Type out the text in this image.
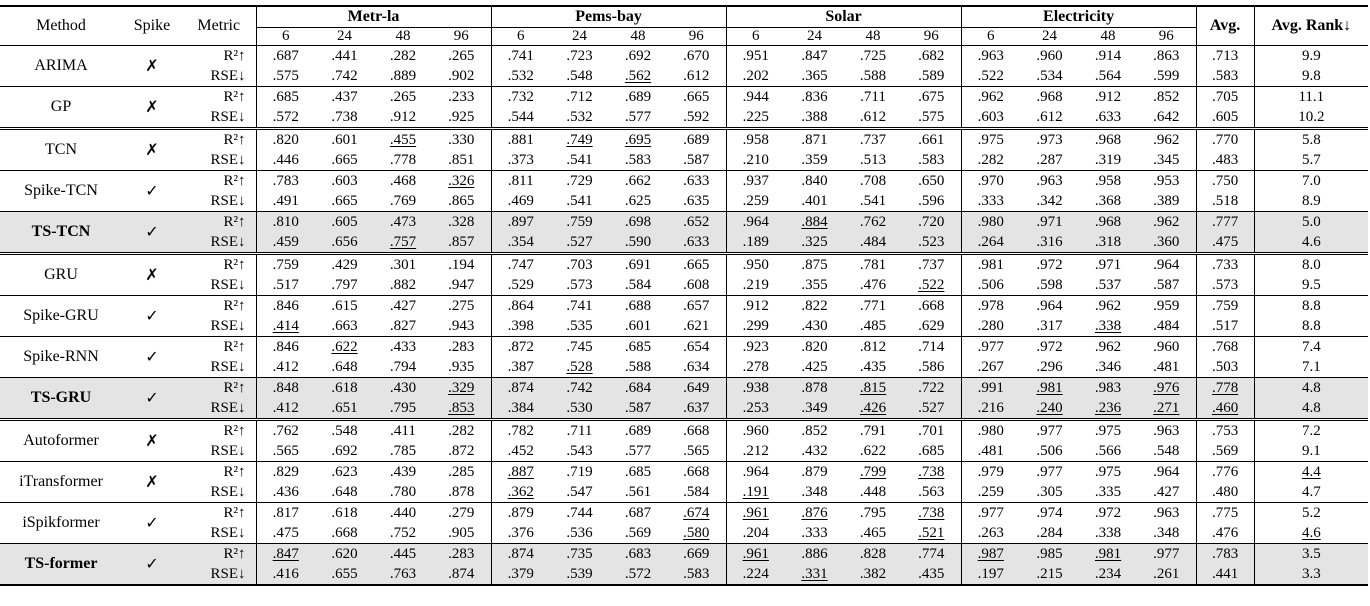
Method	Spike	Metric	Metr-la				Pems-bay				Solar				Electricity				Avg.	Avg. Rank↓
			6	24	48	96	6	24	48	96	6	24	48	96	6	24	48	96		
ARIMA	✗	R²↑	.687	.441	.282	.265	.741	.723	.692	.670	.951	.847	.725	.682	.963	.960	.914	.863	.713	9.9
		RSE↓	.575	.742	.889	.902	.532	.548	.562	.612	.202	.365	.588	.589	.522	.534	.564	.599	.583	9.8
GP	✗	R²↑	.685	.437	.265	.233	.732	.712	.689	.665	.944	.836	.711	.675	.962	.968	.912	.852	.705	11.1
		RSE↓	.572	.738	.912	.925	.544	.532	.577	.592	.225	.388	.612	.575	.603	.612	.633	.642	.605	10.2
TCN	✗	R²↑	.820	.601	.455	.330	.881	.749	.695	.689	.958	.871	.737	.661	.975	.973	.968	.962	.770	5.8
		RSE↓	.446	.665	.778	.851	.373	.541	.583	.587	.210	.359	.513	.583	.282	.287	.319	.345	.483	5.7
Spike-TCN	✓	R²↑	.783	.603	.468	.326	.811	.729	.662	.633	.937	.840	.708	.650	.970	.963	.958	.953	.750	7.0
		RSE↓	.491	.665	.769	.865	.469	.541	.625	.635	.259	.401	.541	.596	.333	.342	.368	.389	.518	8.9
TS-TCN	✓	R²↑	.810	.605	.473	.328	.897	.759	.698	.652	.964	.884	.762	.720	.980	.971	.968	.962	.777	5.0
		RSE↓	.459	.656	.757	.857	.354	.527	.590	.633	.189	.325	.484	.523	.264	.316	.318	.360	.475	4.6
GRU	✗	R²↑	.759	.429	.301	.194	.747	.703	.691	.665	.950	.875	.781	.737	.981	.972	.971	.964	.733	8.0
		RSE↓	.517	.797	.882	.947	.529	.573	.584	.608	.219	.355	.476	.522	.506	.598	.537	.587	.573	9.5
Spike-GRU	✓	R²↑	.846	.615	.427	.275	.864	.741	.688	.657	.912	.822	.771	.668	.978	.964	.962	.959	.759	8.8
		RSE↓	.414	.663	.827	.943	.398	.535	.601	.621	.299	.430	.485	.629	.280	.317	.338	.484	.517	8.8
Spike-RNN	✓	R²↑	.846	.622	.433	.283	.872	.745	.685	.654	.923	.820	.812	.714	.977	.972	.962	.960	.768	7.4
		RSE↓	.412	.648	.794	.935	.387	.528	.588	.634	.278	.425	.435	.586	.267	.296	.346	.481	.503	7.1
TS-GRU	✓	R²↑	.848	.618	.430	.329	.874	.742	.684	.649	.938	.878	.815	.722	.991	.981	.983	.976	.778	4.8
		RSE↓	.412	.651	.795	.853	.384	.530	.587	.637	.253	.349	.426	.527	.216	.240	.236	.271	.460	4.8
Autoformer	✗	R²↑	.762	.548	.411	.282	.782	.711	.689	.668	.960	.852	.791	.701	.980	.977	.975	.963	.753	7.2
		RSE↓	.565	.692	.785	.872	.452	.543	.577	.565	.212	.432	.622	.685	.481	.506	.566	.548	.569	9.1
iTransformer	✗	R²↑	.829	.623	.439	.285	.887	.719	.685	.668	.964	.879	.799	.738	.979	.977	.975	.964	.776	4.4
		RSE↓	.436	.648	.780	.878	.362	.547	.561	.584	.191	.348	.448	.563	.259	.305	.335	.427	.480	4.7
iSpikformer	✓	R²↑	.817	.618	.440	.279	.879	.744	.687	.674	.961	.876	.795	.738	.977	.974	.972	.963	.775	5.2
		RSE↓	.475	.668	.752	.905	.376	.536	.569	.580	.204	.333	.465	.521	.263	.284	.338	.348	.476	4.6
TS-former	✓	R²↑	.847	.620	.445	.283	.874	.735	.683	.669	.961	.886	.828	.774	.987	.985	.981	.977	.783	3.5
		RSE↓	.416	.655	.763	.874	.379	.539	.572	.583	.224	.331	.382	.435	.197	.215	.234	.261	.441	3.3
